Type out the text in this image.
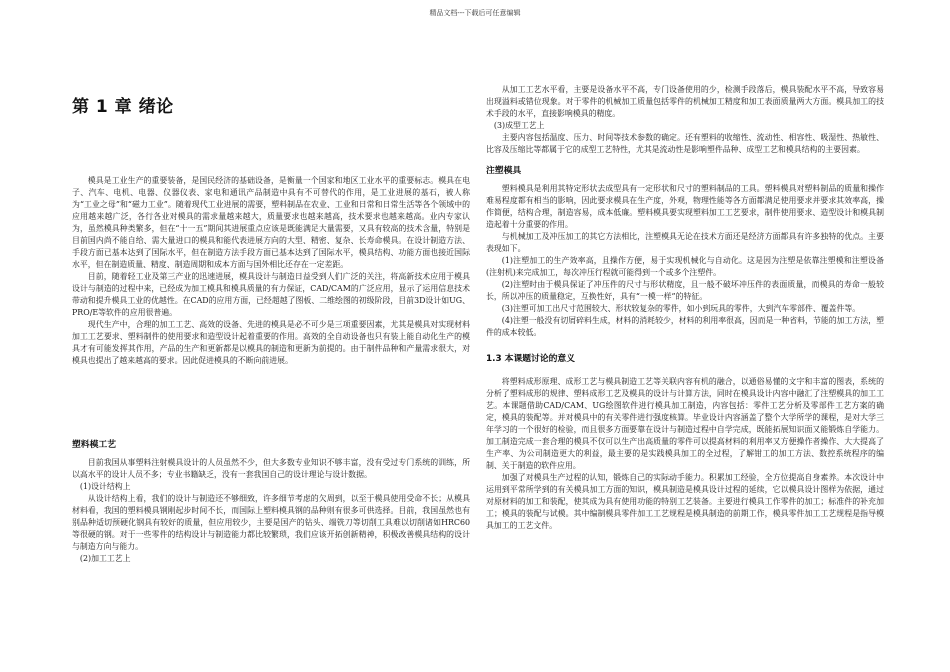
精品文档---下载后可任意编辑
第 1 章 绪论

模具是工业生产的重要装备，是国民经济的基础设备，是衡量一个国家和地区工业水平的重要标志。模具在电子、汽车、电机、电器、仪器仪表、家电和通讯产品制造中具有不可替代的作用，是工业进展的基石，被人称为“工业之母”和“磁力工业”。随着现代工业进展的需要，塑料制品在农业、工业和日常和日常生活等各个领域中的应用越来越广泛，各行各业对模具的需求量越来越大，质量要求也越来越高，技术要求也越来越高。业内专家认为，虽然模具种类繁多，但在“十一五”期间其进展重点应该是既能满足大量需要，又具有较高的技术含量，特别是目前国内尚不能自给、需大量进口的模具和能代表进展方向的大型、精密、复杂、长寿命模具。在设计制造方法、手段方面已基本达到了国际水平，但在制造方法手段方面已基本达到了国际水平，模具结构、功能方面也接近国际水平，但在制造质量、精度、制造周期和成本方面与国外相比还存在一定差距。

目前，随着轻工业及第三产业的迅速进展，模具设计与制造日益受到人们广泛的关注，将高新技术应用于模具设计与制造的过程中来，已经成为加工模具和模具质量的有力保证，CAD/CAM的广泛应用，显示了运用信息技术带动和提升模具工业的优越性。在CAD的应用方面，已经超越了图板、二维绘图的初级阶段，目前3D设计如UG、PRO/E等软件的应用很普遍。

现代生产中，合理的加工工艺、高效的设备、先进的模具是必不可少是三项重要因素，尤其是模具对实现材料加工工艺要求、塑料制件的使用要求和造型设计起着重要的作用。高效的全自动设备也只有装上能自动化生产的模具才有可能发挥其作用，产品的生产和更新都是以模具的制造和更新为前提的。由于制件品种和产量需求很大，对模具也提出了越来越高的要求。因此促进模具的不断向前进展。

塑料模工艺

目前我国从事塑料注射模具设计的人员虽然不少，但大多数专业知识不够丰富，没有受过专门系统的训练，所以高水平的设计人员不多；专业书籍缺乏，没有一套我国自己的设计理论与设计数据。

(1)设计结构上

从设计结构上看，我们的设计与制造还不够细致，许多细节考虑的欠周到，以至于模具使用受命不长；从模具材料看，我国的塑料模具钢刚起步时间不长，而国际上塑料模具钢的品种则有很多可供选择。目前，我国虽然也有别品种适切预硬化钢具有较好的质量，但应用较少，主要是国产的钻头、端铣刀等切削工具难以切削诸如HRC60等很硬的钢。对于一些零件的结构设计与制造能力都比较繁琐，我们应该开拓创新精神，积极改善模具结构的设计与制造方向与能力。

(2)加工工艺上

从加工工艺水平看，主要是设备水平不高，专门设备使用的少，检测手段落后，模具装配水平不高，导致容易出现溢料或错位现象。对于零件的机械加工质量包括零件的机械加工精度和加工表面质量两大方面。模具加工的技术手段的水平，直接影响模具的精度。

(3)成型工艺上

主要内容包括温度、压力、时间等技术参数的确定。还有塑料的收缩性、流动性、相容性、吸湿性、热敏性、比容及压缩比等都属于它的成型工艺特性，尤其是流动性是影响塑件品种、成型工艺和模具结构的主要因素。

注塑模具

塑料模具是利用其特定形状去成型具有一定形状和尺寸的塑料制品的工具。塑料模具对塑料制品的质量和操作难易程度都有相当的影响，因此要求模具在生产度，外观，物理性能等各方面都满足使用要求并要求其效率高，操作简便，结构合理，制造容易，成本低廉。塑料模具要实现塑料加工工艺要求，制件使用要求、造型设计和模具制造起着十分重要的作用。

与机械加工及冲压加工的其它方法相比，注塑模具无论在技术方面还是经济方面都具有许多独特的优点。主要表现如下。

(1)注塑加工的生产效率高，且操作方便，易于实现机械化与自动化。这是因为注塑是依靠注塑模和注塑设备(注射机)来完成加工，每次冲压行程就可能得到一个或多个注塑件。

(2)注塑时由于模具保证了冲压件的尺寸与形状精度，且一般不破坏冲压件的表面质量，而模具的寿命一般较长，所以冲压的质量稳定，互换性好，具有“一模一样”的特征。

(3)注塑可加工出尺寸范围较大、形状较复杂的零件，如小到玩具的零件，大到汽车零部件、覆盖件等。

(4)注塑一般没有切屑碎料生成，材料的消耗较少，材料的利用率很高，因而是一种省料，节能的加工方法，塑件的成本较低。

1.3 本课题讨论的意义

将塑料成形原理、成形工艺与模具制造工艺等关联内容有机的融合，以通俗易懂的文字和丰富的图表，系统的分析了塑料成形的规律、塑料成形工艺及模具的设计与计算方法，同时在模具设计内容中融汇了注塑模具的加工工艺。本课题借助CAD/CAM、UG绘图软件进行模具加工制造，内容包括：零件工艺分析及零部件工艺方案的确定，模具的装配等。并对模具中的有关零件进行强度核算。毕业设计内容涵盖了整个大学所学的课程，是对大学三年学习的一个很好的检验，而且很多方面要靠在设计与制造过程中自学完成，既能拓展知识面又能锻炼自学能力。加工制造完成一套合理的模具不仅可以生产出高质量的零件可以提高材料的利用率又方便操作者操作、大大提高了生产率、为公司制造更大的利益，最主要的是实践模具加工的全过程，了解钳工的加工方法、数控系统程序的编制、关于制造的软件应用。

加强了对模具生产过程的认知，锻炼自己的实际动手能力。积累加工经验，全方位提高自身素养。本次设计中运用到平常所学到的有关模具加工方面的知识，模具制造是模具设计过程的延续，它以模具设计图样为依据，通过对原材料的加工和装配，使其成为具有使用功能的特别工艺装备。主要进行模具工作零件的加工；标准件的补充加工；模具的装配与试模。其中编制模具零件加工工艺规程是模具制造的前期工作，模具零件加工工艺规程是指导模具加工的工艺文件。
